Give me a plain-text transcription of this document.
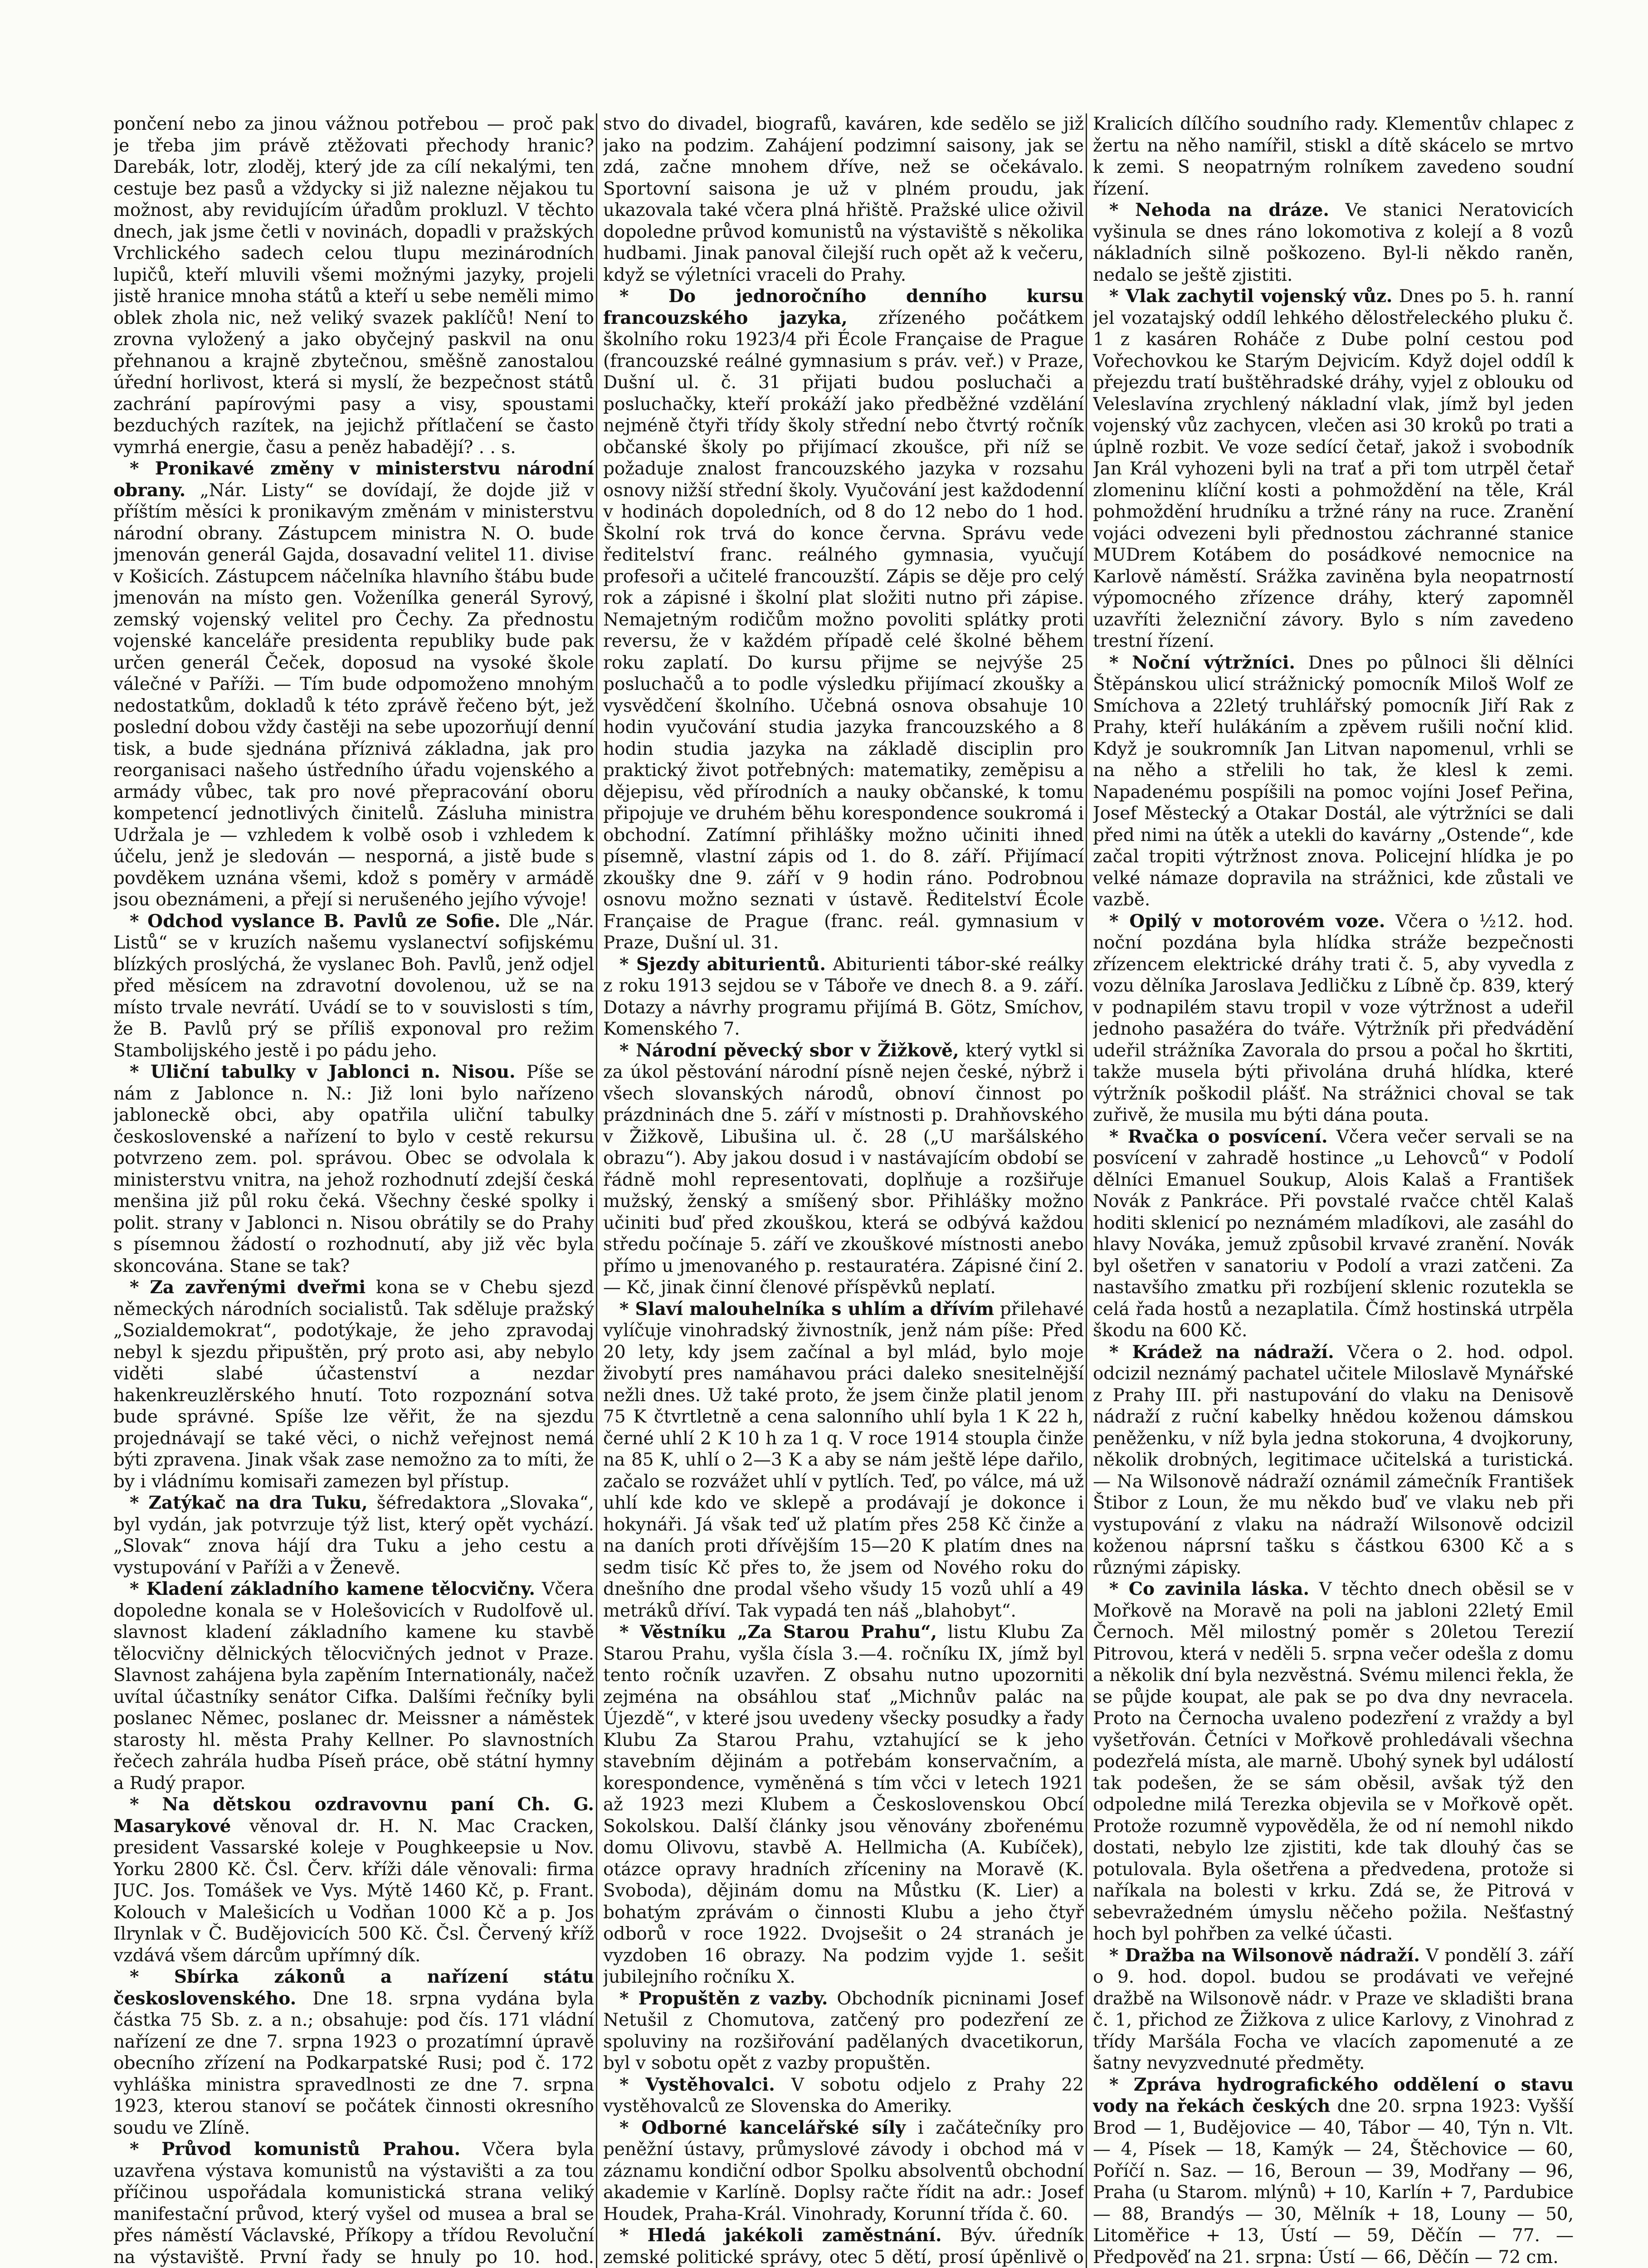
pončení nebo za jinou vážnou potřebou — proč pak je třeba jim právě ztěžovati přechody hranic? Darebák, lotr, zloděj, který jde za cílí nekalými, ten cestuje bez pasů a vždycky si již nalezne nějakou tu možnost, aby revidujícím úřadům prokluzl. V těchto dnech, jak jsme četli v novinách, dopadli v pražských Vrchlického sadech celou tlupu mezinárodních lupičů, kteří mluvili všemi možnými jazyky, projeli jistě hranice mnoha států a kteří u sebe neměli mimo oblek zhola nic, než veliký svazek paklíčů! Není to zrovna vyložený a jako obyčejný paskvil na onu přehnanou a krajně zbytečnou, směšně zanostalou úřední horlivost, která si myslí, že bezpečnost států zachrání papírovými pasy a visy, spoustami bezduchých razítek, na jejichž přítlačení se často vymrhá energie, času a peněz habadějí? . . s.

* Pronikavé změny v ministerstvu národní obrany. „Nár. Listy“ se dovídají, že dojde již v příštím měsíci k pronikavým změnám v ministerstvu národní obrany. Zástupcem ministra N. O. bude jmenován generál Gajda, dosavadní velitel 11. divise v Košicích. Zástupcem náčelníka hlavního štábu bude jmenován na místo gen. Voženílka generál Syrový, zemský vojenský velitel pro Čechy. Za přednostu vojenské kanceláře presidenta republiky bude pak určen generál Čeček, doposud na vysoké škole válečné v Paříži. — Tím bude odpomoženo mnohým nedostatkům, dokladů k této zprávě řečeno být, jež poslední dobou vždy častěji na sebe upozorňují denní tisk, a bude sjednána příznivá základna, jak pro reorganisaci našeho ústředního úřadu vojenského a armády vůbec, tak pro nové přepracování oboru kompetencí jednotlivých činitelů. Zásluha ministra Udržala je — vzhledem k volbě osob i vzhledem k účelu, jenž je sledován — nesporná, a jistě bude s povděkem uznána všemi, kdož s poměry v armádě jsou obeznámeni, a přejí si nerušeného jejího vývoje!

* Odchod vyslance B. Pavlů ze Sofie. Dle „Nár. Listů“ se v kruzích našemu vyslanectví sofijskému blízkých proslýchá, že vyslanec Boh. Pavlů, jenž odjel před měsícem na zdravotní dovolenou, už se na místo trvale nevrátí. Uvádí se to v souvislosti s tím, že B. Pavlů prý se příliš exponoval pro režim Stambolijského jestě i po pádu jeho.

* Uliční tabulky v Jablonci n. Nisou. Píše se nám z Jablonce n. N.: Již loni bylo nařízeno jabloneckě obci, aby opatřila uliční tabulky československé a nařízení to bylo v cestě rekursu potvrzeno zem. pol. správou. Obec se odvolala k ministerstvu vnitra, na jehož rozhodnutí zdejší česká menšina již půl roku čeká. Všechny české spolky i polit. strany v Jablonci n. Nisou obrátily se do Prahy s písemnou žádostí o rozhodnutí, aby již věc byla skoncována. Stane se tak?

* Za zavřenými dveřmi kona se v Chebu sjezd německých národních socialistů. Tak sděluje pražský „Sozialdemokrat“, podotýkaje, že jeho zpravodaj nebyl k sjezdu připuštěn, prý proto asi, aby nebylo viděti slabé účastenství a nezdar hakenkreuzlěrského hnutí. Toto rozpoznání sotva bude správné. Spíše lze věřit, že na sjezdu projednávají se také věci, o nichž veřejnost nemá býti zpravena. Jinak však zase nemožno za to míti, že by i vládnímu komisaři zamezen byl přístup.

* Zatýkač na dra Tuku, šéfredaktora „Slovaka“, byl vydán, jak potvrzuje týž list, který opět vychází. „Slovak“ znova hájí dra Tuku a jeho cestu a vystupování v Paříži a v Ženevě.

* Kladení základního kamene tělocvičny. Včera dopoledne konala se v Holešovicích v Rudolfově ul. slavnost kladení základního kamene ku stavbě tělocvičny dělnických tělocvičných jednot v Praze. Slavnost zahájena byla zapěním Internationály, načež uvítal účastníky senátor Cifka. Dalšími řečníky byli poslanec Němec, poslanec dr. Meissner a náměstek starosty hl. města Prahy Kellner. Po slavnostních řečech zahrála hudba Píseň práce, obě státní hymny a Rudý prapor.

* Na dětskou ozdravovnu paní Ch. G. Masarykové věnoval dr. H. N. Mac Cracken, president Vassarské koleje v Poughkeepsie u Nov. Yorku 2800 Kč. Čsl. Červ. kříži dále věnovali: firma JUC. Jos. Tomášek ve Vys. Mýtě 1460 Kč, p. Frant. Kolouch v Malešicích u Vodňan 1000 Kč a p. Jos Ilrynlak v Č. Budějovicích 500 Kč. Čsl. Červený kříž vzdává všem dárcům upřímný dík.

* Sbírka zákonů a nařízení státu československého. Dne 18. srpna vydána byla částka 75 Sb. z. a n.; obsahuje: pod čís. 171 vládní nařízení ze dne 7. srpna 1923 o prozatímní úpravě obecního zřízení na Podkarpatské Rusi; pod č. 172 vyhláška ministra spravedlnosti ze dne 7. srpna 1923, kterou stanoví se počátek činnosti okresního soudu ve Zlíně.

* Průvod komunistů Prahou. Včera byla uzavřena výstava komunistů na výstavišti a za tou příčinou uspořádala komunistická strana veliký manifestační průvod, který vyšel od musea a bral se přes náměstí Václavské, Příkopy a třídou Revoluční na výstaviště. První řady se hnuly po 10. hod.

stvo do divadel, biografů, kaváren, kde sedělo se již jako na podzim. Zahájení podzimní saisony, jak se zdá, začne mnohem dříve, než se očekávalo. Sportovní saisona je už v plném proudu, jak ukazovala také včera plná hřiště. Pražské ulice oživil dopoledne průvod komunistů na výstaviště s několika hudbami. Jinak panoval čilejší ruch opět až k večeru, když se výletníci vraceli do Prahy.

* Do jednoročního denního kursu francouzského jazyka, zřízeného počátkem školního roku 1923/4 při École Française de Prague (francouzské reálné gymnasium s práv. veř.) v Praze, Dušní ul. č. 31 přijati budou posluchači a posluchačky, kteří prokáží jako předběžné vzdělání nejméně čtyři třídy školy střední nebo čtvrtý ročník občanské školy po přijímací zkoušce, při níž se požaduje znalost francouzského jazyka v rozsahu osnovy nižší střední školy. Vyučování jest každodenní v hodinách dopoledních, od 8 do 12 nebo do 1 hod. Školní rok trvá do konce června. Správu vede ředitelství franc. reálného gymnasia, vyučují profesoři a učitelé francouzští. Zápis se děje pro celý rok a zápisné i školní plat složiti nutno při zápise. Nemajetným rodičům možno povoliti splátky proti reversu, že v každém případě celé školné během roku zaplatí. Do kursu přijme se nejvýše 25 posluchačů a to podle výsledku přijímací zkoušky a vysvědčení školního. Učebná osnova obsahuje 10 hodin vyučování studia jazyka francouzského a 8 hodin studia jazyka na základě disciplin pro praktický život potřebných: matematiky, zeměpisu a dějepisu, věd přírodních a nauky občanské, k tomu připojuje ve druhém běhu korespondence soukromá i obchodní. Zatímní přihlášky možno učiniti ihned písemně, vlastní zápis od 1. do 8. září. Přijímací zkoušky dne 9. září v 9 hodin ráno. Podrobnou osnovu možno seznati v ústavě. Ředitelství École Française de Prague (franc. reál. gymnasium v Praze, Dušní ul. 31.

* Sjezdy abiturientů. Abiturienti tábor-ské reálky z roku 1913 sejdou se v Táboře ve dnech 8. a 9. září. Dotazy a návrhy programu přijímá B. Götz, Smíchov, Komenského 7.

* Národní pěvecký sbor v Žižkově, který vytkl si za úkol pěstování národní písně nejen české, nýbrž i všech slovanských národů, obnoví činnost po prázdninách dne 5. září v místnosti p. Drahňovského v Žižkově, Libušina ul. č. 28 („U maršálského obrazu“). Aby jakou dosud i v nastávajícím období se řádně mohl representovati, doplňuje a rozšiřuje mužský, ženský a smíšený sbor. Přihlášky možno učiniti buď před zkouškou, která se odbývá každou středu počínaje 5. září ve zkouškové místnosti anebo přímo u jmenovaného p. restauratéra. Zápisné činí 2.— Kč, jinak činní členové příspěvků neplatí.

* Slaví malouhelníka s uhlím a dřívím přilehavé vylíčuje vinohradský živnostník, jenž nám píše: Před 20 lety, kdy jsem začínal a byl mlád, bylo moje živobytí pres namáhavou práci daleko snesitelnější nežli dnes. Už také proto, že jsem činže platil jenom 75 K čtvrtletně a cena salonního uhlí byla 1 K 22 h, černé uhlí 2 K 10 h za 1 q. V roce 1914 stoupla činže na 85 K, uhlí o 2—3 K a aby se nám ještě lépe dařilo, začalo se rozvážet uhlí v pytlích. Teď, po válce, má už uhlí kde kdo ve sklepě a prodávají je dokonce i hokynáři. Já však teď už platím přes 258 Kč činže a na daních proti dřívějším 15—20 K platím dnes na sedm tisíc Kč přes to, že jsem od Nového roku do dnešního dne prodal všeho všudy 15 vozů uhlí a 49 metráků dříví. Tak vypadá ten náš „blahobyt“.

* Věstníku „Za Starou Prahu“, listu Klubu Za Starou Prahu, vyšla čísla 3.—4. ročníku IX, jímž byl tento ročník uzavřen. Z obsahu nutno upozorniti zejména na obsáhlou stať „Michnův palác na Újezdě“, v které jsou uvedeny všecky posudky a řady Klubu Za Starou Prahu, vztahující se k jeho stavebním dějinám a potřebám konservačním, a korespondence, vyměněná s tím včci v letech 1921 až 1923 mezi Klubem a Československou Obcí Sokolskou. Další články jsou věnovány zbořenému domu Olivovu, stavbě A. Hellmicha (A. Kubíček), otázce opravy hradních zříceniny na Moravě (K. Svoboda), dějinám domu na Můstku (K. Lier) a bohatým zprávám o činnosti Klubu a jeho čtyř odborů v roce 1922. Dvojsešit o 24 stranách je vyzdoben 16 obrazy. Na podzim vyjde 1. sešit jubilejního ročníku X.

* Propuštěn z vazby. Obchodník picninami Josef Netušil z Chomutova, zatčený pro podezření ze spoluviny na rozšiřování padělaných dvacetikorun, byl v sobotu opět z vazby propuštěn.

* Vystěhovalci. V sobotu odjelo z Prahy 22 vystěhovalců ze Slovenska do Ameriky.

* Odborné kancelářské síly i začátečníky pro peněžní ústavy, průmyslové závody i obchod má v záznamu kondiční odbor Spolku absolventů obchodní akademie v Karlíně. Doplsy račte řídit na adr.: Josef Houdek, Praha-Král. Vinohrady, Korunní třída č. 60.

* Hledá jakékoli zaměstnání. Býv. úředník zemské politické správy, otec 5 dětí, prosí úpěnlivě o

Kralicích dílčího soudního rady. Klementův chlapec z žertu na něho namířil, stiskl a dítě skácelo se mrtvo k zemi. S neopatrným rolníkem zavedeno soudní řízení.

* Nehoda na dráze. Ve stanici Neratovicích vyšinula se dnes ráno lokomotiva z kolejí a 8 vozů nákladních silně poškozeno. Byl-li někdo raněn, nedalo se ještě zjistiti.

* Vlak zachytil vojenský vůz. Dnes po 5. h. ranní jel vozatajský oddíl lehkého dělostřeleckého pluku č. 1 z kasáren Roháče z Dube polní cestou pod Vořechovkou ke Starým Dejvicím. Když dojel oddíl k přejezdu tratí buštěhradské dráhy, vyjel z oblouku od Veleslavína zrychlený nákladní vlak, jímž byl jeden vojenský vůz zachycen, vlečen asi 30 kroků po trati a úplně rozbit. Ve voze sedící četař, jakož i svobodník Jan Král vyhozeni byli na trať a při tom utrpěl četař zlomeninu klíční kosti a pohmoždění na těle, Král pohmoždění hrudníku a tržné rány na ruce. Zranění vojáci odvezeni byli přednostou záchranné stanice MUDrem Kotábem do posádkové nemocnice na Karlově náměstí. Srážka zaviněna byla neopatrností výpomocného zřízence dráhy, který zapomněl uzavříti železniční závory. Bylo s ním zavedeno trestní řízení.

* Noční výtržníci. Dnes po půlnoci šli dělníci Štěpánskou ulicí strážnický pomocník Miloš Wolf ze Smíchova a 22letý truhlářský pomocník Jiří Rak z Prahy, kteří hulákáním a zpěvem rušili noční klid. Když je soukromník Jan Litvan napomenul, vrhli se na něho a střelili ho tak, že klesl k zemi. Napadenému pospíšili na pomoc vojíni Josef Peřina, Josef Městecký a Otakar Dostál, ale výtržníci se dali před nimi na útěk a utekli do kavárny „Ostende“, kde začal tropiti výtržnost znova. Policejní hlídka je po velké námaze dopravila na strážnici, kde zůstali ve vazbě.

* Opilý v motorovém voze. Včera o ½12. hod. noční pozdána byla hlídka stráže bezpečnosti zřízencem elektrické dráhy trati č. 5, aby vyvedla z vozu dělníka Jaroslava Jedličku z Líbně čp. 839, který v podnapilém stavu tropil v voze výtržnost a udeřil jednoho pasažéra do tváře. Výtržník při předvádění udeřil strážníka Zavorala do prsou a počal ho škrtiti, takže musela býti přivolána druhá hlídka, které výtržník poškodil plášť. Na strážnici choval se tak zuřivě, že musila mu býti dána pouta.

* Rvačka o posvícení. Včera večer servali se na posvícení v zahradě hostince „u Lehovců“ v Podolí dělníci Emanuel Soukup, Alois Kalaš a František Novák z Pankráce. Při povstalé rvačce chtěl Kalaš hoditi sklenicí po neznámém mladíkovi, ale zasáhl do hlavy Nováka, jemuž způsobil krvavé zranění. Novák byl ošetřen v sanatoriu v Podolí a vrazi zatčeni. Za nastavšího zmatku při rozbíjení sklenic rozutekla se celá řada hostů a nezaplatila. Čímž hostinská utrpěla škodu na 600 Kč.

* Krádež na nádraží. Včera o 2. hod. odpol. odcizil neznámý pachatel učitele Miloslavě Mynářské z Prahy III. při nastupování do vlaku na Denisově nádraží z ruční kabelky hnědou koženou dámskou peněženku, v níž byla jedna stokoruna, 4 dvojkoruny, několik drobných, legitimace učitelská a turistická. — Na Wilsonově nádraží oznámil zámečník František Štibor z Loun, že mu někdo buď ve vlaku neb při vystupování z vlaku na nádraží Wilsonově odcizil koženou náprsní tašku s částkou 6300 Kč a s různými zápisky.

* Co zavinila láska. V těchto dnech oběsil se v Mořkově na Moravě na poli na jabloni 22letý Emil Černoch. Měl milostný poměr s 20letou Terezií Pitrovou, která v neděli 5. srpna večer odešla z domu a několik dní byla nezvěstná. Svému milenci řekla, že se půjde koupat, ale pak se po dva dny nevracela. Proto na Černocha uvaleno podezření z vraždy a byl vyšetřován. Četníci v Mořkově prohledávali všechna podezřelá místa, ale marně. Ubohý synek byl událostí tak podešen, že se sám oběsil, avšak týž den odpoledne milá Terezka objevila se v Mořkově opět. Protože rozumně vypověděla, že od ní nemohl nikdo dostati, nebylo lze zjistiti, kde tak dlouhý čas se potulovala. Byla ošetřena a předvedena, protože si naříkala na bolesti v krku. Zdá se, že Pitrová v sebevražedném úmyslu něčeho požila. Nešťastný hoch byl pohřben za velké účasti.

* Dražba na Wilsonově nádraží. V pondělí 3. září o 9. hod. dopol. budou se prodávati ve veřejné dražbě na Wilsonově nádr. v Praze ve skladišti brana č. 1, přichod ze Žižkova z ulice Karlovy, z Vinohrad z třídy Maršála Focha ve vlacích zapomenuté a ze šatny nevyzvednuté předměty.

* Zpráva hydrografického oddělení o stavu vody na řekách českých dne 20. srpna 1923: Vyšší Brod — 1, Budějovice — 40, Tábor — 40, Týn n. Vlt. — 4, Písek — 18, Kamýk — 24, Štěchovice — 60, Poříčí n. Saz. — 16, Beroun — 39, Modřany — 96, Praha (u Starom. mlýnů) + 10, Karlín + 7, Pardubice — 88, Brandýs — 30, Mělník + 18, Louny — 50, Litoměřice + 13, Ústí — 59, Děčín — 77. — Předpověď na 21. srpna: Ústí — 66, Děčín — 72 cm.
